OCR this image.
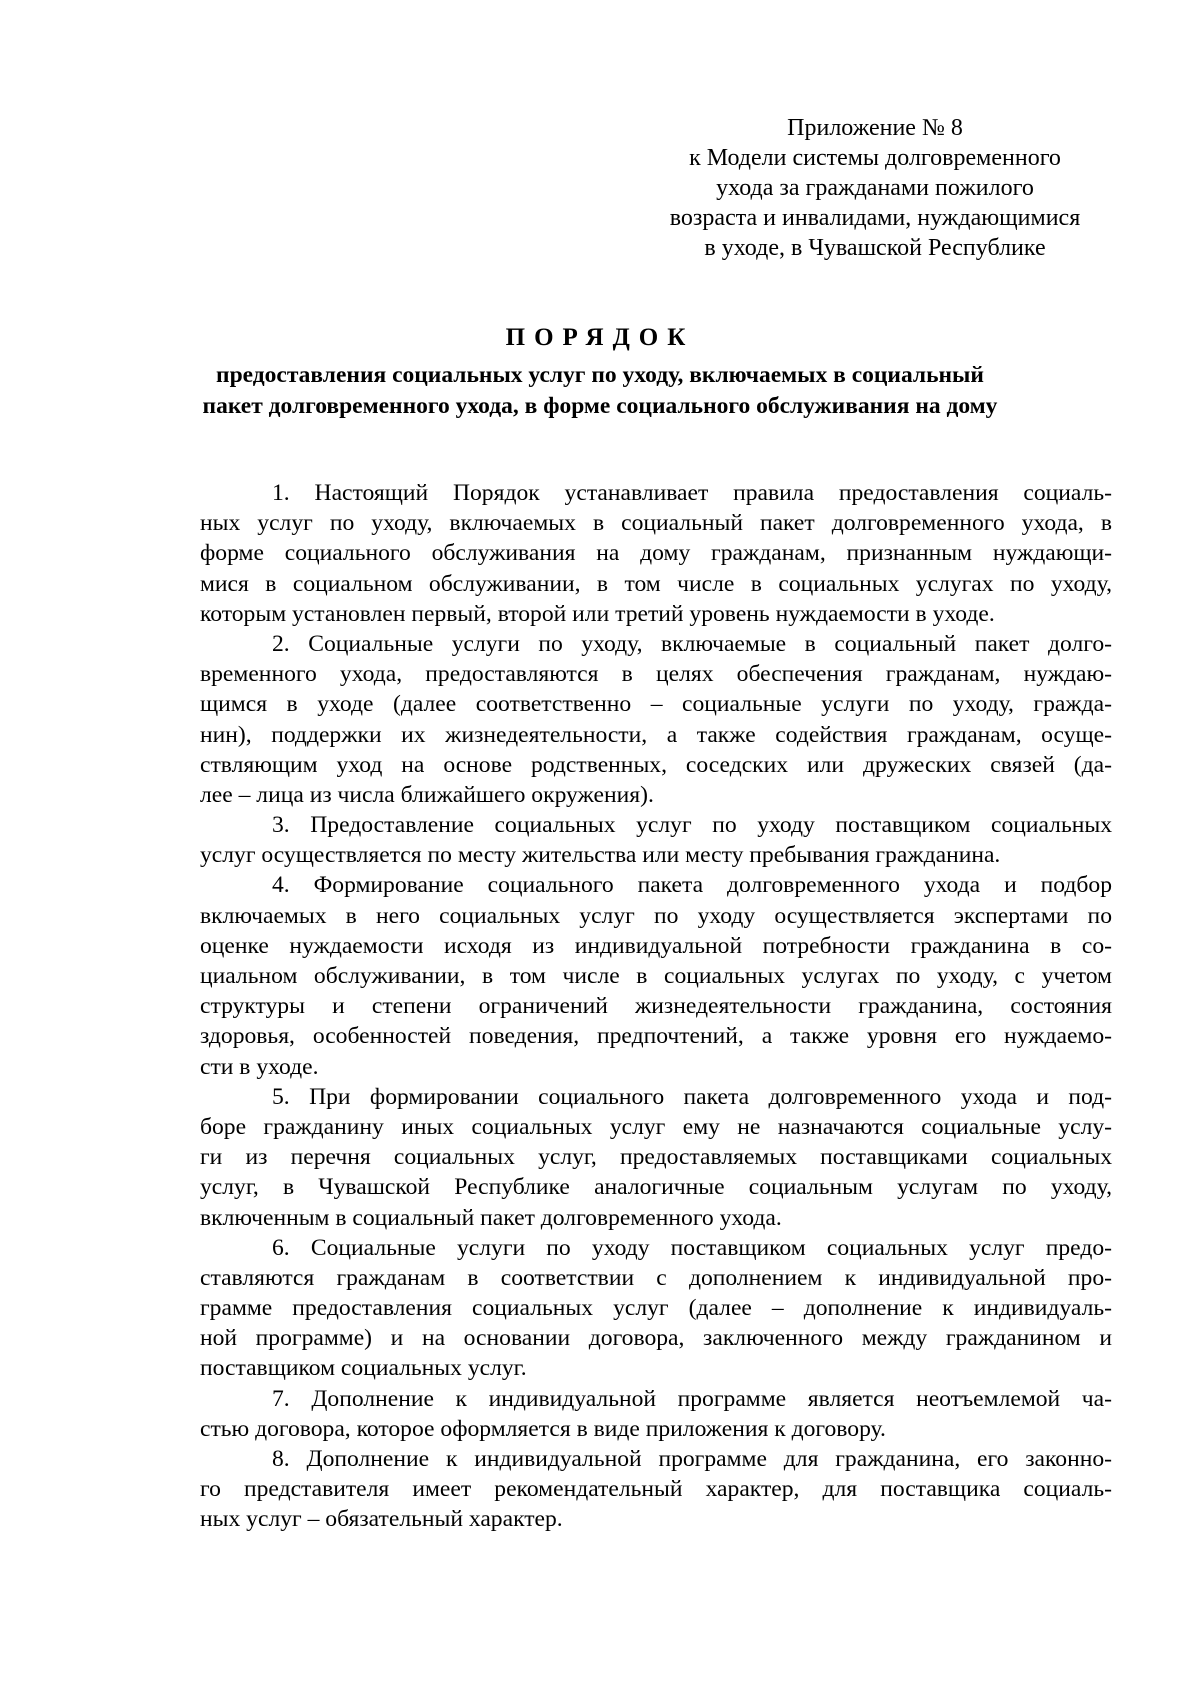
Приложение № 8
к Модели системы долговременного
ухода за гражданами пожилого
возраста и инвалидами, нуждающимися
в уходе, в Чувашской Республике
ПОРЯДОК
предоставления социальных услуг по уходу, включаемых в социальный
пакет долговременного ухода, в форме социального обслуживания на дому
1. Настоящий Порядок устанавливает правила предоставления социаль-
ных услуг по уходу, включаемых в социальный пакет долговременного ухода, в
форме социального обслуживания на дому гражданам, признанным нуждающи-
мися в социальном обслуживании, в том числе в социальных услугах по уходу,
которым установлен первый, второй или третий уровень нуждаемости в уходе.
2. Социальные услуги по уходу, включаемые в социальный пакет долго-
временного ухода, предоставляются в целях обеспечения гражданам, нуждаю-
щимся в уходе (далее соответственно – социальные услуги по уходу, гражда-
нин), поддержки их жизнедеятельности, а также содействия гражданам, осуще-
ствляющим уход на основе родственных, соседских или дружеских связей (да-
лее – лица из числа ближайшего окружения).
3. Предоставление социальных услуг по уходу поставщиком социальных
услуг осуществляется по месту жительства или месту пребывания гражданина.
4. Формирование социального пакета долговременного ухода и подбор
включаемых в него социальных услуг по уходу осуществляется экспертами по
оценке нуждаемости исходя из индивидуальной потребности гражданина в со-
циальном обслуживании, в том числе в социальных услугах по уходу, с учетом
структуры и степени ограничений жизнедеятельности гражданина, состояния
здоровья, особенностей поведения, предпочтений, а также уровня его нуждаемо-
сти в уходе.
5. При формировании социального пакета долговременного ухода и под-
боре гражданину иных социальных услуг ему не назначаются социальные услу-
ги из перечня социальных услуг, предоставляемых поставщиками социальных
услуг, в Чувашской Республике аналогичные социальным услугам по уходу,
включенным в социальный пакет долговременного ухода.
6. Социальные услуги по уходу поставщиком социальных услуг предо-
ставляются гражданам в соответствии с дополнением к индивидуальной про-
грамме предоставления социальных услуг (далее – дополнение к индивидуаль-
ной программе) и на основании договора, заключенного между гражданином и
поставщиком социальных услуг.
7. Дополнение к индивидуальной программе является неотъемлемой ча-
стью договора, которое оформляется в виде приложения к договору.
8. Дополнение к индивидуальной программе для гражданина, его законно-
го представителя имеет рекомендательный характер, для поставщика социаль-
ных услуг – обязательный характер.
